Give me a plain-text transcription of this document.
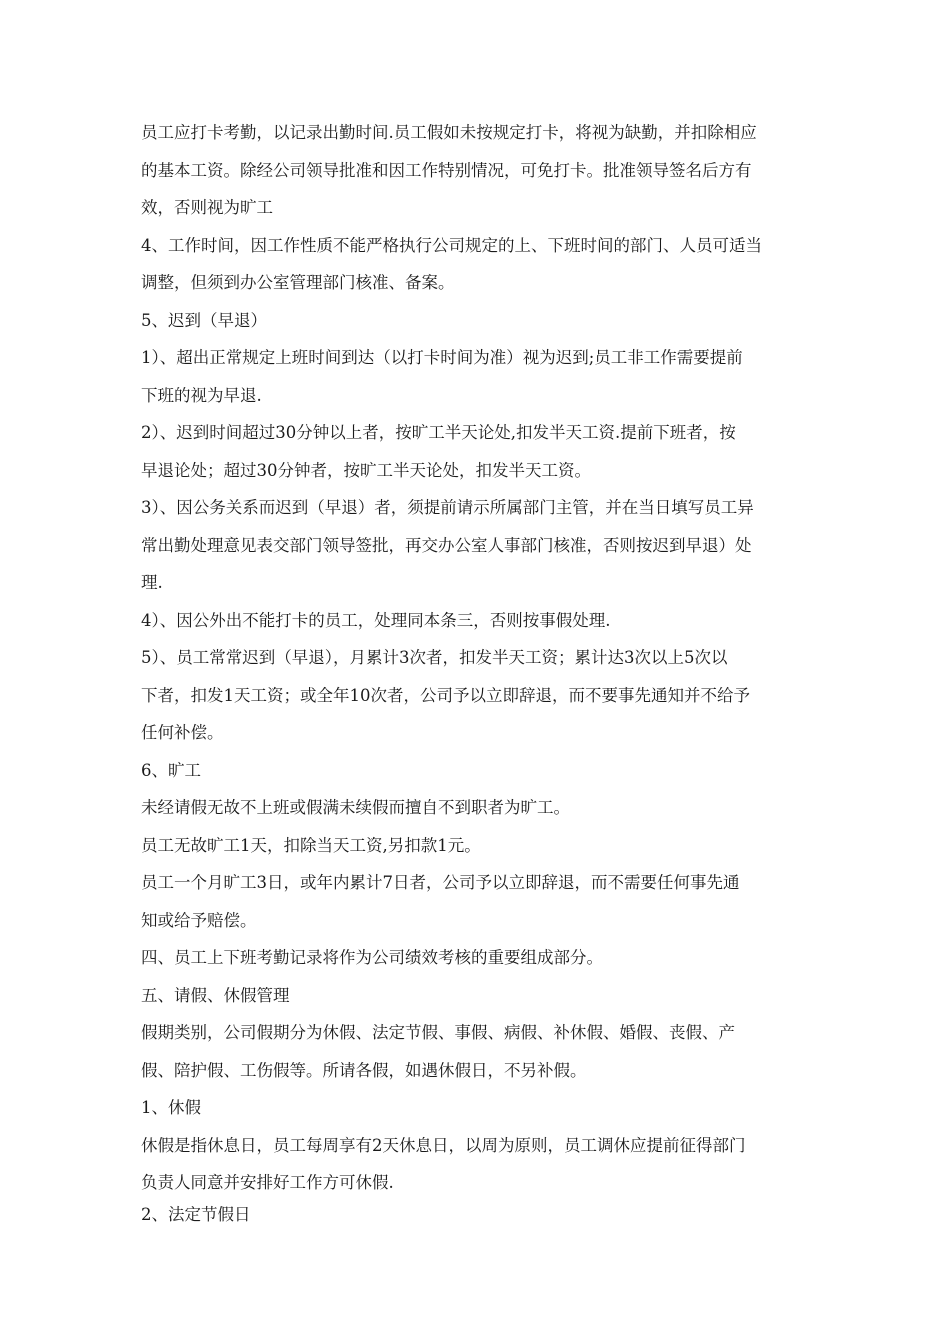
员工应打卡考勤，以记录出勤时间.员工假如未按规定打卡，将视为缺勤，并扣除相应
的基本工资。除经公司领导批准和因工作特别情况，可免打卡。批准领导签名后方有
效，否则视为旷工
4、工作时间，因工作性质不能严格执行公司规定的上、下班时间的部门、人员可适当
调整，但须到办公室管理部门核准、备案。
5、迟到（早退）
1）、超出正常规定上班时间到达（以打卡时间为准）视为迟到;员工非工作需要提前
下班的视为早退.
2）、迟到时间超过30分钟以上者，按旷工半天论处,扣发半天工资.提前下班者，按
早退论处；超过30分钟者，按旷工半天论处，扣发半天工资。
3）、因公务关系而迟到（早退）者，须提前请示所属部门主管，并在当日填写员工异
常出勤处理意见表交部门领导签批，再交办公室人事部门核准，否则按迟到早退）处
理.
4）、因公外出不能打卡的员工，处理同本条三，否则按事假处理.
5）、员工常常迟到（早退），月累计3次者，扣发半天工资；累计达3次以上5次以
下者，扣发1天工资；或全年10次者，公司予以立即辞退，而不要事先通知并不给予
任何补偿。
6、旷工
未经请假无故不上班或假满未续假而擅自不到职者为旷工。
员工无故旷工1天，扣除当天工资,另扣款1元。
员工一个月旷工3日，或年内累计7日者，公司予以立即辞退，而不需要任何事先通
知或给予赔偿。
四、员工上下班考勤记录将作为公司绩效考核的重要组成部分。
五、请假、休假管理
假期类别，公司假期分为休假、法定节假、事假、病假、补休假、婚假、丧假、产
假、陪护假、工伤假等。所请各假，如遇休假日，不另补假。
1、休假
休假是指休息日，员工每周享有2天休息日，以周为原则，员工调休应提前征得部门
负责人同意并安排好工作方可休假.
2、法定节假日
